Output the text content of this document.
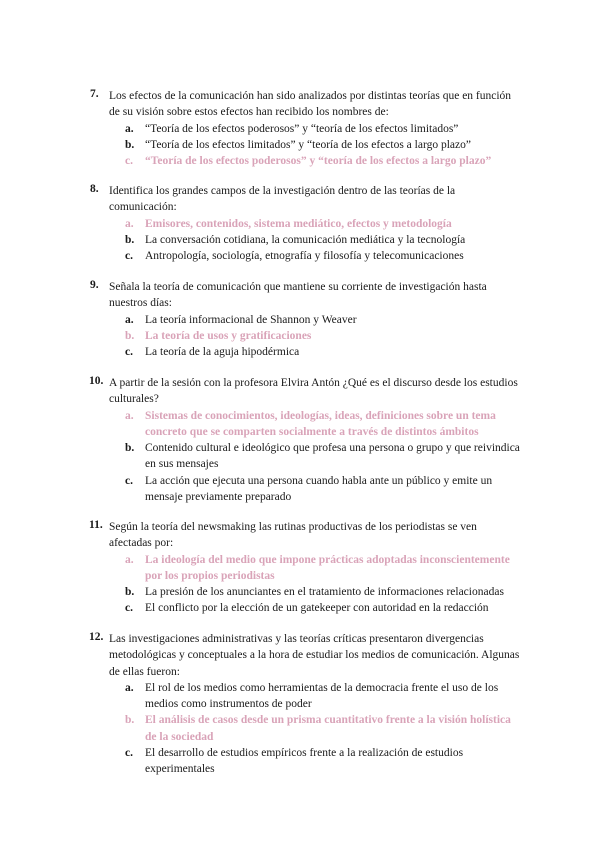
7. Los efectos de la comunicación han sido analizados por distintas teorías que en función de su visión sobre estos efectos han recibido los nombres de:
a. “Teoría de los efectos poderosos” y “teoría de los efectos limitados”
b. “Teoría de los efectos limitados” y “teoría de los efectos a largo plazo”
c. “Teoría de los efectos poderosos” y “teoría de los efectos a largo plazo”
8. Identifica los grandes campos de la investigación dentro de las teorías de la comunicación:
a. Emisores, contenidos, sistema mediático, efectos y metodología
b. La conversación cotidiana, la comunicación mediática y la tecnología
c. Antropología, sociología, etnografía y filosofía y telecomunicaciones
9. Señala la teoría de comunicación que mantiene su corriente de investigación hasta nuestros días:
a. La teoría informacional de Shannon y Weaver
b. La teoría de usos y gratificaciones
c. La teoría de la aguja hipodérmica
10. A partir de la sesión con la profesora Elvira Antón ¿Qué es el discurso desde los estudios culturales?
a. Sistemas de conocimientos, ideologías, ideas, definiciones sobre un tema concreto que se comparten socialmente a través de distintos ámbitos
b. Contenido cultural e ideológico que profesa una persona o grupo y que reivindica en sus mensajes
c. La acción que ejecuta una persona cuando habla ante un público y emite un mensaje previamente preparado
11. Según la teoría del newsmaking las rutinas productivas de los periodistas se ven afectadas por:
a. La ideología del medio que impone prácticas adoptadas inconscientemente por los propios periodistas
b. La presión de los anunciantes en el tratamiento de informaciones relacionadas
c. El conflicto por la elección de un gatekeeper con autoridad en la redacción
12. Las investigaciones administrativas y las teorías críticas presentaron divergencias metodológicas y conceptuales a la hora de estudiar los medios de comunicación. Algunas de ellas fueron:
a. El rol de los medios como herramientas de la democracia frente el uso de los medios como instrumentos de poder
b. El análisis de casos desde un prisma cuantitativo frente a la visión holística de la sociedad
c. El desarrollo de estudios empíricos frente a la realización de estudios experimentales
